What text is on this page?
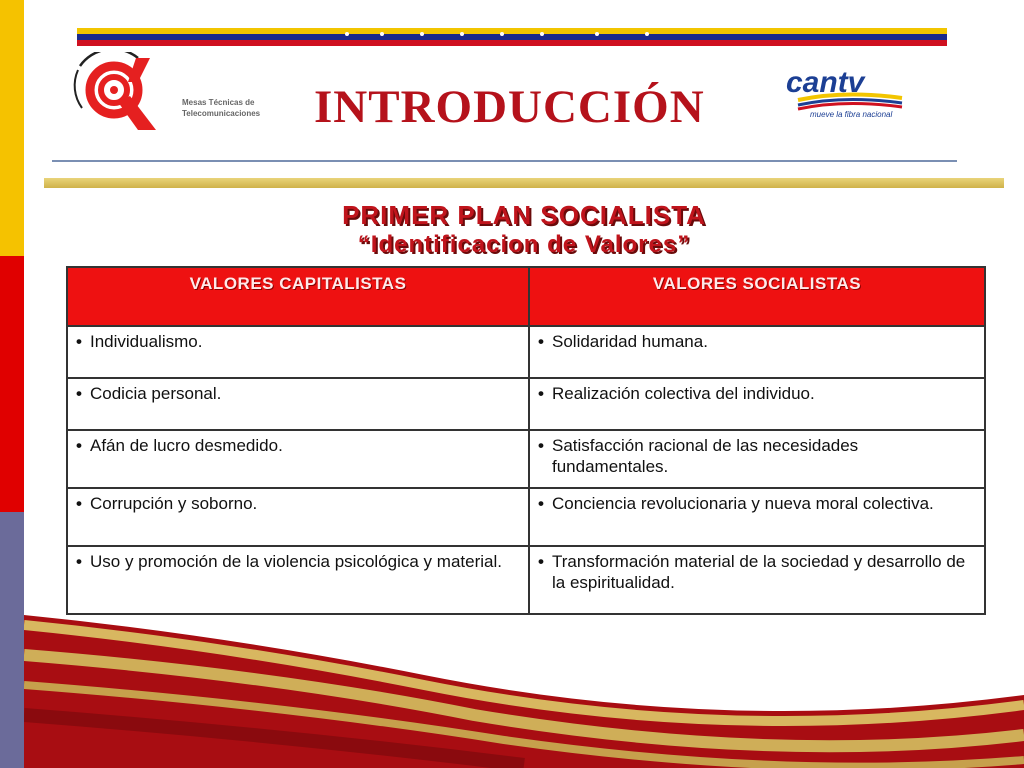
Mesas Técnicas de
Telecomunicaciones INTRODUCCIÓN	cantv
mueve la fibra nacional
PRIMER PLAN SOCIALISTA
“Identificacion de Valores”
VALORES CAPITALISTAS	VALORES SOCIALISTAS
• Individualismo.	• Solidaridad humana.
• Codicia personal.	• Realización colectiva del individuo.
• Afán de lucro desmedido.	• Satisfacción racional de las necesidades fundamentales.
• Corrupción y soborno.	• Conciencia revolucionaria y nueva moral colectiva.
• Uso y promoción de la violencia psicológica y material.	• Transformación material de la sociedad y desarrollo de la espiritualidad.
